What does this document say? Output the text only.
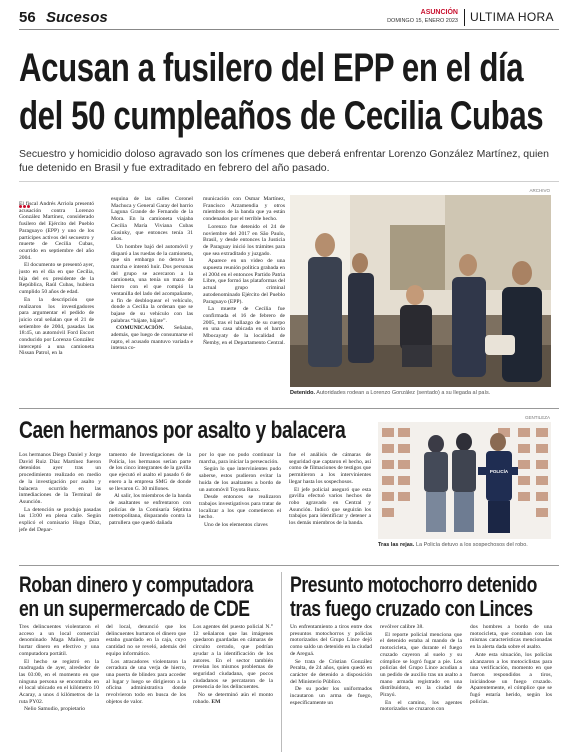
56 Sucesos	ASUNCIÓN
DOMINGO 15, ENERO 2023 ULTIMA HORA
Acusan a fusilero del EPP en el día
del 50 cumpleaños de Cecilia Cubas
Secuestro y homicidio doloso agravado son los crímenes que deberá enfrentar Lorenzo González Martínez, quien fue detenido en Brasil y fue extraditado en febrero del año pasado.

El fiscal Andrés Arriola presentó acusación contra Lorenzo González Martínez, considerado fusilero del Ejército del Pueblo Paraguayo (EPP) y uno de los partícipes activos del secuestro y muerte de Cecilia Cubas, ocurrido en septiembre del año 2004.

El documento se presentó ayer, justo en el día en que Cecilia, hija del ex presidente de la República, Raúl Cubas, hubiera cumplido 50 años de edad.

En la descripción que realizaron los investigadores para argumentar el pedido de juicio oral señalan que el 21 de setiembre de 2004, pasadas las 18:45, un automóvil Ford Escort conducido por Lorenzo González interceptó a una camioneta Nissan Patrol, en la

esquina de las calles Coronel Machuca y General Garay del barrio Laguna Grande de Fernando de la Mora. En la camioneta viajaba Cecilia María Viviana Cubas Gusinky, que entonces tenía 31 años.

Un hombre bajó del automóvil y disparó a las ruedas de la camioneta, que sin embargo no detuvo la marcha e intentó huir. Dos personas del grupo se acercaron a la camioneta, una tenía un mazo de hierro con el que rompió la ventanilla del lado del acompañante, a fin de desbloquear el vehículo, donde a Cecilia la ordenan que se bajase de su vehículo con las palabras “bájate, bájate”.

COMUNICACIÓN. Señalan, además, que luego de consumarse el rapto, el acusado mantuvo variada e intensa co-

municación con Osmar Martínez, Francisco Arzamendia y otros miembros de la banda que ya están condenados por el terrible hecho.

Lorenzo fue detenido el 24 de noviembre del 2017 en São Paulo, Brasil, y desde entonces la Justicia de Paraguay inició los trámites para que sea extraditado y juzgado.

Aparece en un video de una supuesta reunión política grabada en el 2004 en el entonces Partido Patria Libre, que formó las plataformas del actual grupo criminal autodenominado Ejército del Pueblo Paraguayo (EPP).

La muerte de Cecilia fue confirmada el 16 de febrero de 2005, tras el hallazgo de su cuerpo en una casa ubicada en el barrio Mbocayaty de la localidad de Ñemby, en el Departamento Central.

ARCHIVO
Detenido. Autoridades rodean a Lorenzo González (sentado) a su llegada al país.
Caen hermanos por asalto y balacera

Los hermanos Diego Daniel y Jorge David Ruiz Díaz Martínez fueron detenidos ayer tras un procedimiento realizado en medio de la investigación por asalto y balacera ocurrido en las inmediaciones de la Terminal de Asunción.

La detención se produjo pasadas las 13:00 en plena calle. Según explicó el comisario Hugo Díaz, jefe del Depar-

tamento de Investigaciones de la Policía, los hermanos serían parte de los cinco integrantes de la gavilla que ejecutó el asalto el pasado 6 de enero a la empresa SMG de donde se llevaron G. 30 millones.

Al salir, los miembros de la banda de asaltantes se enfrentaron con policías de la Comisaría Séptima metropolitana, disparando contra la patrullera que quedó dañada

por lo que no pudo continuar la marcha, para iniciar la persecución.

Según lo que intervinientes pudo saberse, estos pudieron evitar la huida de los asaltantes a bordo de un automóvil Toyota Runx.

Desde entonces se realizaron trabajos investigativos para tratar de localizar a los que cometieron el hecho.

Uno de los elementos claves

fue el análisis de cámaras de seguridad que captaron el hecho, así como de filmaciones de testigos que permitieron a los intervinientes llegar hasta los sospechosos.

El jefe policial aseguró que esta gavilla efectuó varios hechos de robo agravado en Central y Asunción. Indicó que seguirán los trabajos para identificar y detener a los demás miembros de la banda.

GENTILEZA
POLICÍA
Tras las rejas. La Policía detuvo a los sospechosos del robo.
Roban dinero y computadora
en un supermercado de CDE

Tres delincuentes violentaron el acceso a un local comercial denominado Maga Mailen, para hurtar dinero en efectivo y una computadora portátil.

El hecho se registró en la madrugada de ayer, alrededor de las 03:00, en el momento en que ninguna persona se encontraba en el local ubicado en el kilómetro 10 Acaray, a unos 4 kilómetros de la ruta PY02.

Nelio Samudio, propietario

del local, denunció que los delincuentes hurtaron el dinero que estaba guardado en la caja, cuyo cantidad no se reveló, además del equipo informático.

Los atracadores violentaron la cerradura de una verja de hierro, una puerta de blindex para acceder al lugar y luego se dirigieron a la oficina administrativa donde revolvieron todo en busca de los objetos de valor.

Los agentes del puesto policial N.° 12 señalaron que las imágenes quedaron guardadas en cámaras de circuito cerrado, que podrían ayudar a la identificación de los autores. En el sector también revelan los mismos problemas de seguridad ciudadana, que pocos ciudadanos se percataron de la presencia de los delincuentes.

No se determinó aún el monto robado. EM

Presunto motochorro detenido
tras fuego cruzado con Linces

Un enfrentamiento a tiros entre dos presuntos motochorros y policías motorizados del Grupo Lince dejó como saldo un detenido en la ciudad de Areguá.

Se trata de Cristian González Peralta, de 24 años, quien quedó en carácter de detenido a disposición del Ministerio Público.

De su poder los uniformados incautaron un arma de fuego, específicamente un

revólver calibre 38.

El reporte policial menciona que el detenido estaba al mando de la motocicleta, que durante el fuego cruzado cayeron al suelo y su cómplice se logró fugar a pie. Los policías del Grupo Lince acudían a un pedido de auxilio tras un asalto a mano armada registrado en una distribuidora, en la ciudad de Pirayú.

En el camino, los agentes motorizados se cruzaron con

dos hombres a bordo de una motocicleta, que contaban con las mismas características mencionadas en la alerta dada sobre el asalto.

Ante esta situación, los policías alcanzaron a los motociclistas para una verificación, momento en que fueron respondidos a tiros, iniciándose un fuego cruzado. Aparentemente, el cómplice que se fugó estaría herido, según los policías.
